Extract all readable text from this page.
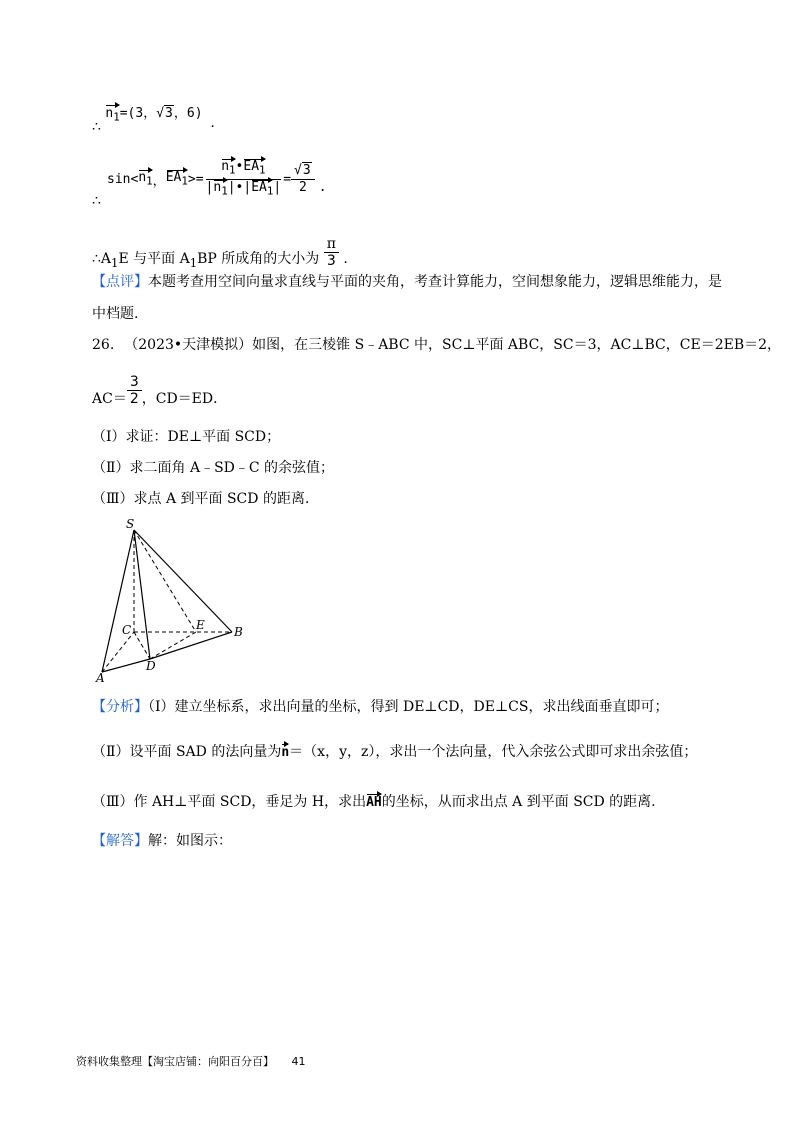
∴ $n_1=(3$，√3，6) .
∴
$\sin< n_1$ ， $EA_1 >= \frac{n_1•EA_1}{|n_1|•|EA_1|} = \frac{√3}{2}$ .
$\therefore A_1E$ 与平面 $A_1BP$ 所成角的大小为 $\frac{\pi}{3}$ .
【点评】本题考查用空间向量求直线与平面的夹角，考查计算能力，空间想象能力，逻辑思维能力，是
中档题.
26. （2023•天津模拟）如图，在三棱锥 S﹣ABC 中，SC⊥平面 ABC，SC＝3，AC⊥BC，CE＝2EB＝2，
$AC= \frac{3}{2}$ ，CD＝ED．
（Ⅰ）求证：DE⊥平面 SCD；
（Ⅱ）求二面角 A﹣SD﹣C 的余弦值；
（Ⅲ）求点 A 到平面 SCD 的距离．
S
C	E B
A
D
【分析】（Ⅰ）建立坐标系，求出向量的坐标，得到 DE⊥CD，DE⊥CS，求出线面垂直即可；
（Ⅱ）设平面 SAD 的法向量为n＝（x，y，z），求出一个法向量，代入余弦公式即可求出余弦值；
（Ⅲ）作 AH⊥平面 SCD，垂足为 H，求出AH的坐标，从而求出点 A 到平面 SCD 的距离.
【解答】解：如图示：
资料收集整理【淘宝店铺：向阳百分百】 41
